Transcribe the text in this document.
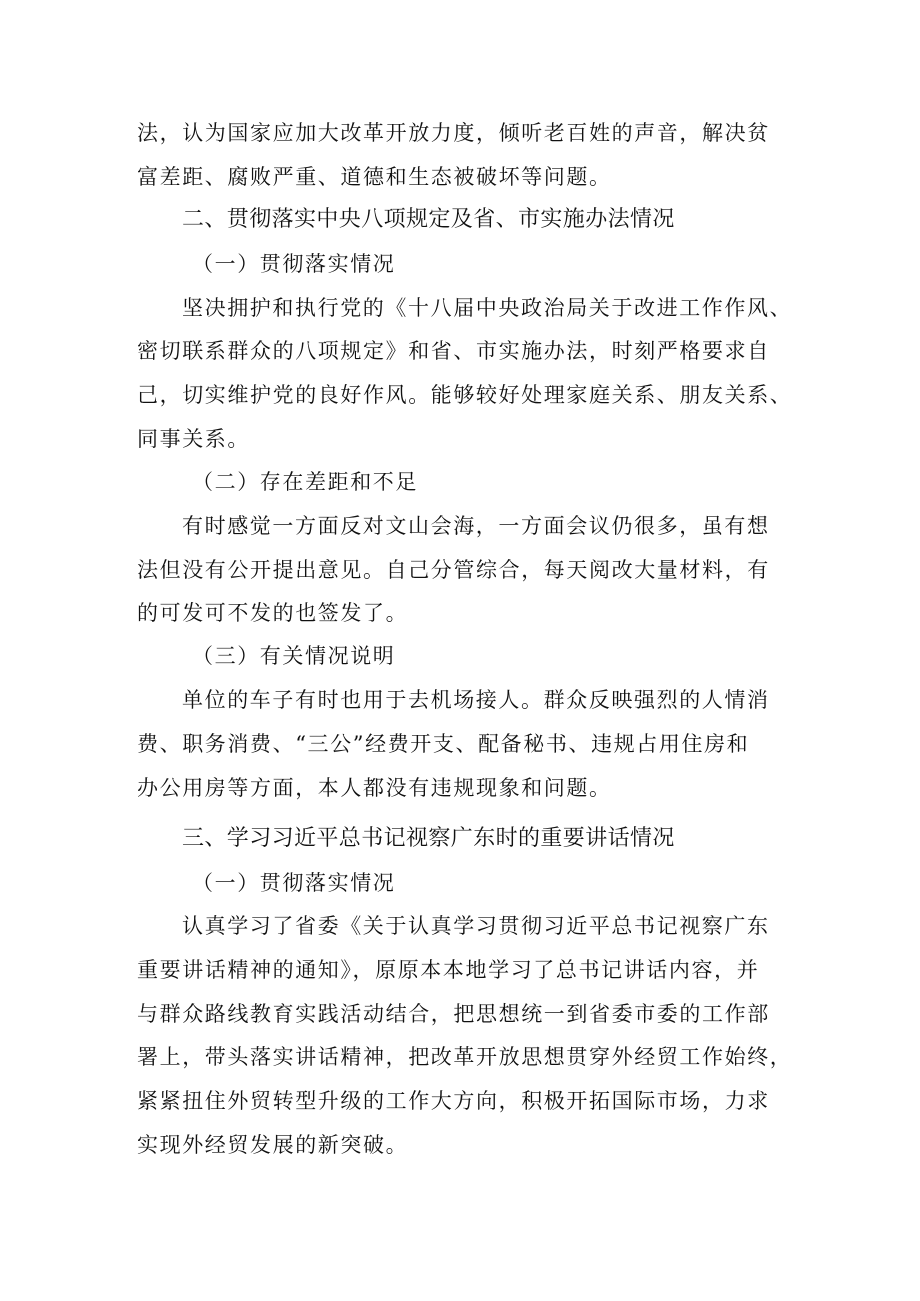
法，认为国家应加大改革开放力度，倾听老百姓的声音，解决贫
富差距、腐败严重、道德和生态被破坏等问题。
二、贯彻落实中央八项规定及省、市实施办法情况
（一）贯彻落实情况
坚决拥护和执行党的《十八届中央政治局关于改进工作作风、
密切联系群众的八项规定》和省、市实施办法，时刻严格要求自
己，切实维护党的良好作风。能够较好处理家庭关系、朋友关系、
同事关系。
（二）存在差距和不足
有时感觉一方面反对文山会海，一方面会议仍很多，虽有想
法但没有公开提出意见。自己分管综合，每天阅改大量材料，有
的可发可不发的也签发了。
（三）有关情况说明
单位的车子有时也用于去机场接人。群众反映强烈的人情消
费、职务消费、“三公”经费开支、配备秘书、违规占用住房和
办公用房等方面，本人都没有违规现象和问题。
三、学习习近平总书记视察广东时的重要讲话情况
（一）贯彻落实情况
认真学习了省委《关于认真学习贯彻习近平总书记视察广东
重要讲话精神的通知》，原原本本地学习了总书记讲话内容，并
与群众路线教育实践活动结合，把思想统一到省委市委的工作部
署上，带头落实讲话精神，把改革开放思想贯穿外经贸工作始终，
紧紧扭住外贸转型升级的工作大方向，积极开拓国际市场，力求
实现外经贸发展的新突破。
